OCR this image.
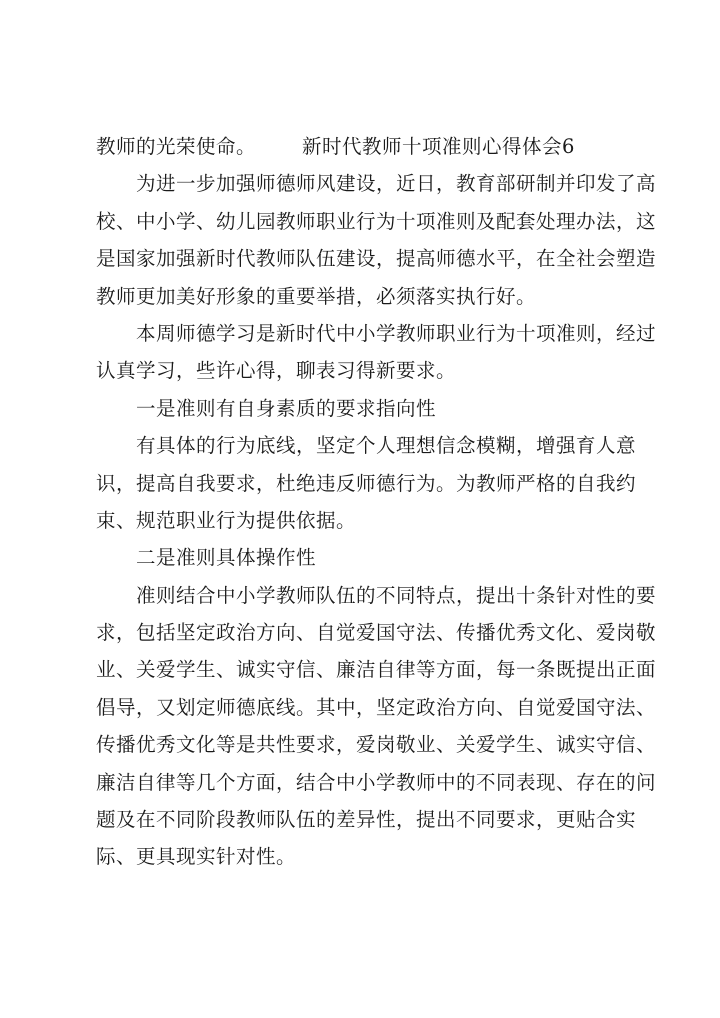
教师的光荣使命。 新时代教师十项准则心得体会6
为进一步加强师德师风建设，近日，教育部研制并印发了高
校、中小学、幼儿园教师职业行为十项准则及配套处理办法，这
是国家加强新时代教师队伍建设，提高师德水平，在全社会塑造
教师更加美好形象的重要举措，必须落实执行好。
本周师德学习是新时代中小学教师职业行为十项准则，经过
认真学习，些许心得，聊表习得新要求。
一是准则有自身素质的要求指向性
有具体的行为底线，坚定个人理想信念模糊，增强育人意
识，提高自我要求，杜绝违反师德行为。为教师严格的自我约
束、规范职业行为提供依据。
二是准则具体操作性
准则结合中小学教师队伍的不同特点，提出十条针对性的要
求，包括坚定政治方向、自觉爱国守法、传播优秀文化、爱岗敬
业、关爱学生、诚实守信、廉洁自律等方面，每一条既提出正面
倡导，又划定师德底线。其中，坚定政治方向、自觉爱国守法、
传播优秀文化等是共性要求，爱岗敬业、关爱学生、诚实守信、
廉洁自律等几个方面，结合中小学教师中的不同表现、存在的问
题及在不同阶段教师队伍的差异性，提出不同要求，更贴合实
际、更具现实针对性。
